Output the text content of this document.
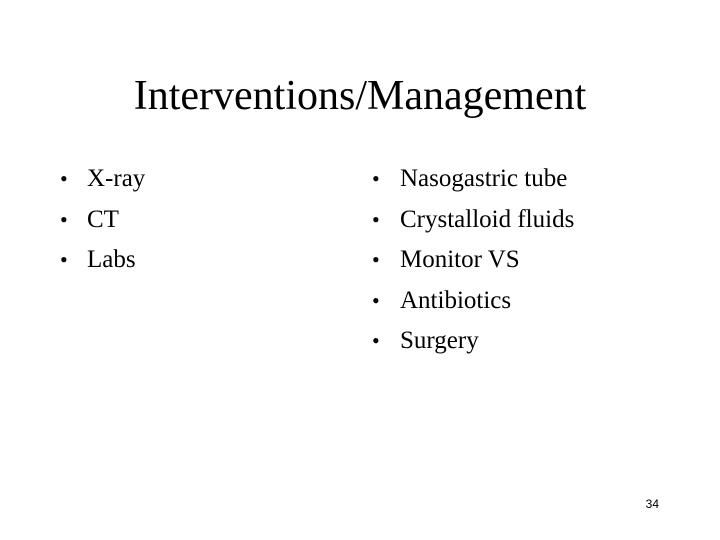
Interventions/Management
• X-ray
• CT
• Labs
• Nasogastric tube
• Crystalloid fluids
• Monitor VS
• Antibiotics
• Surgery
34
